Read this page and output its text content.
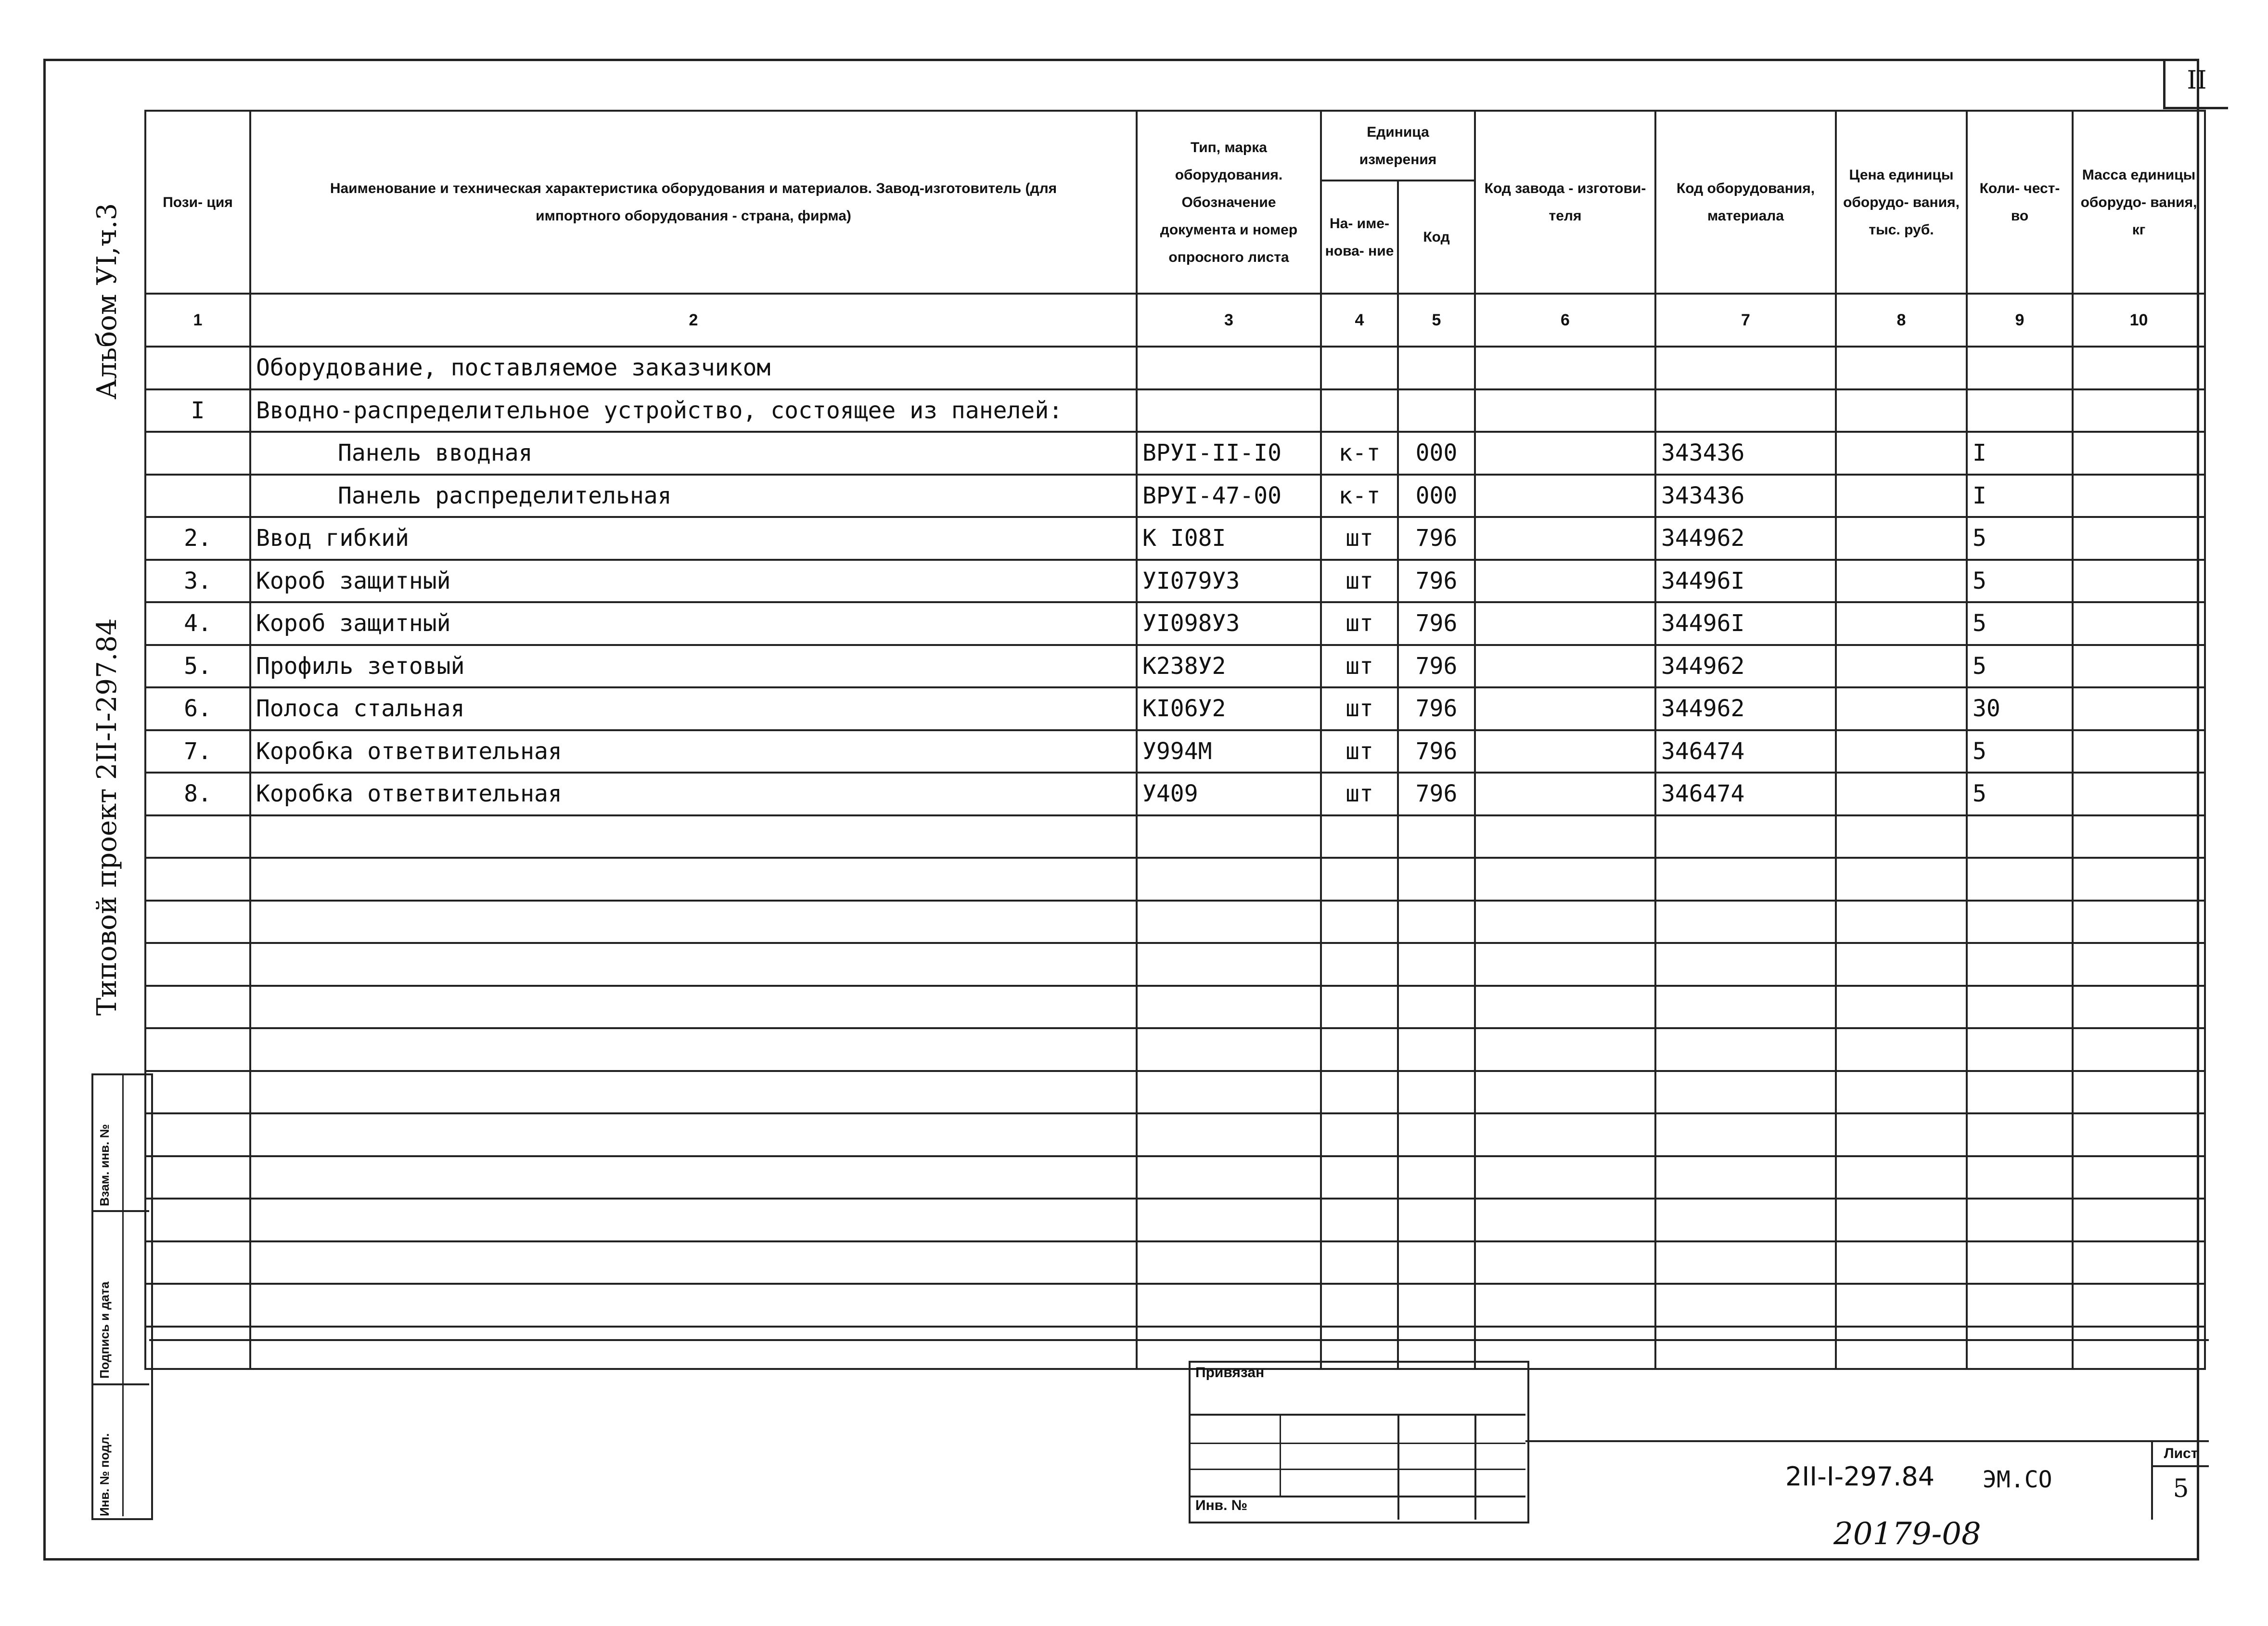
II
Альбом УI,ч.3
Типовой проект 2II-I-297.84
Инв. № подл.
Подпись и дата
Взам. инв. №
Пози- ция	Наименование и техническая характеристика оборудования и материалов. Завод-изготовитель (для импортного оборудования - страна, фирма)	Тип, марка оборудования. Обозначение документа и номер опросного листа	Единица измерения		Код завода - изготови- теля	Код оборудования, материала	Цена единицы оборудо- вания, тыс. руб.	Коли- чест- во	Масса единицы оборудо- вания, кг
			На- име- нова- ние	Код					
1	2	3	4	5	6	7	8	9	10
	Оборудование, поставляемое заказчиком								
I	Вводно-распределительное устройство, состоящее из панелей:								
	Панель вводная	ВРУI-II-I0	к-т	000		343436		I	
	Панель распределительная	ВРУI-47-00	к-т	000		343436		I	
2.	Ввод гибкий	К I08I	шт	796		344962		5	
3.	Короб защитный	УI079У3	шт	796		34496I		5	
4.	Короб защитный	УI098У3	шт	796		34496I		5	
5.	Профиль зетовый	К238У2	шт	796		344962		5	
6.	Полоса стальная	КI06У2	шт	796		344962		30	
7.	Коробка ответвительная	У994М	шт	796		346474		5	
8.	Коробка ответвительная	У409	шт	796		346474		5	

Привязан
Инв. №
2II-I-297.84 ЭМ.СО
Лист
5
20179-08
